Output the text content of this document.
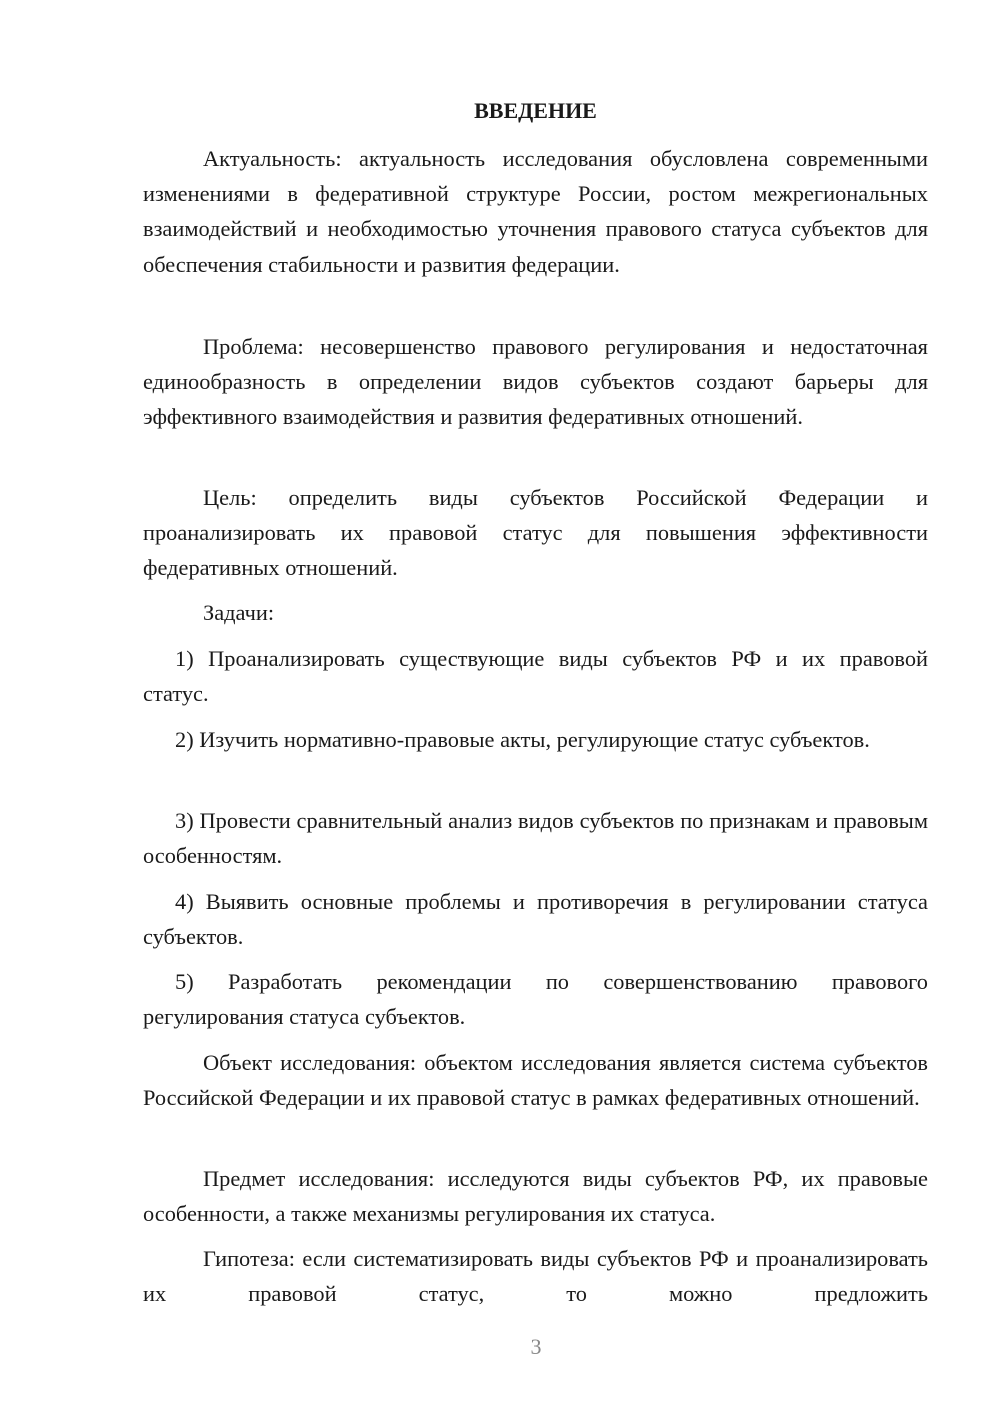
ВВЕДЕНИЕ

Актуальность: актуальность исследования обусловлена современными изменениями в федеративной структуре России, ростом межрегиональных взаимодействий и необходимостью уточнения правового статуса субъектов для обеспечения стабильности и развития федерации.

Проблема: несовершенство правового регулирования и недостаточная единообразность в определении видов субъектов создают барьеры для эффективного взаимодействия и развития федеративных отношений.

Цель: определить виды субъектов Российской Федерации и проанализировать их правовой статус для повышения эффективности федеративных отношений.

Задачи:

1) Проанализировать существующие виды субъектов РФ и их правовой статус.

2) Изучить нормативно-правовые акты, регулирующие статус субъектов.

3) Провести сравнительный анализ видов субъектов по признакам и правовым особенностям.

4) Выявить основные проблемы и противоречия в регулировании статуса субъектов.

5) Разработать рекомендации по совершенствованию правового регулирования статуса субъектов.

Объект исследования: объектом исследования является система субъектов Российской Федерации и их правовой статус в рамках федеративных отношений.

Предмет исследования: исследуются виды субъектов РФ, их правовые особенности, а также механизмы регулирования их статуса.

Гипотеза: если систематизировать виды субъектов РФ и проанализировать их правовой статус, то можно предложить

3
